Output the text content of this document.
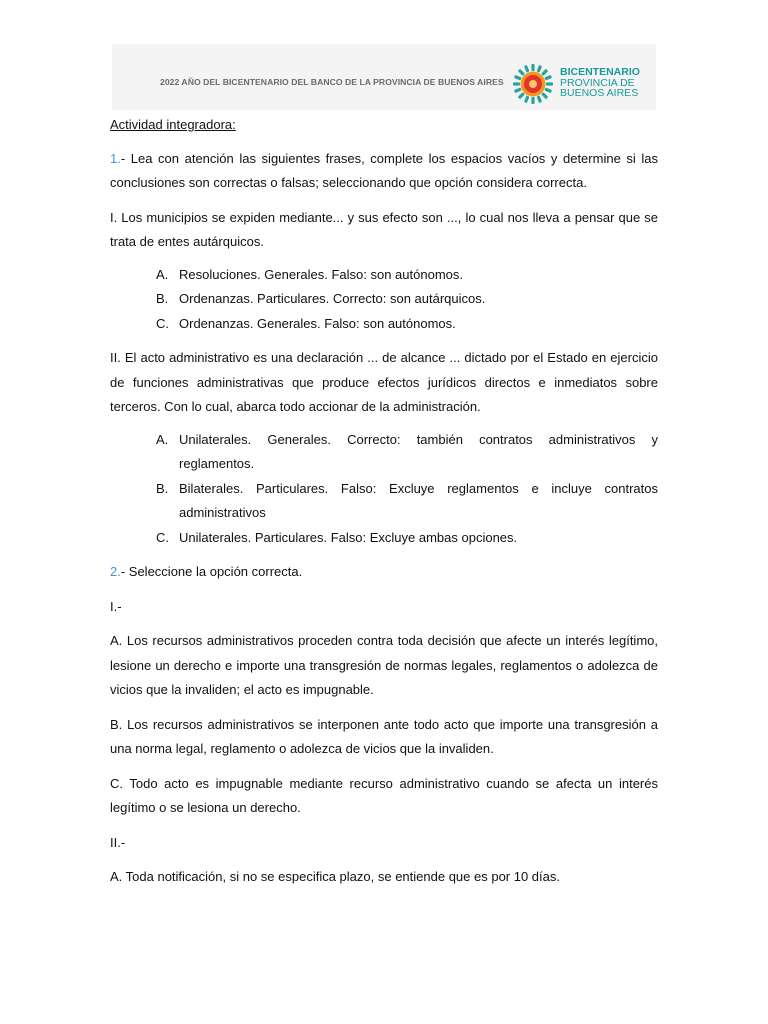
2022 AÑO DEL BICENTENARIO DEL BANCO DE LA PROVINCIA DE BUENOS AIRES
BICENTENARIO
PROVINCIA DE
BUENOS AIRES

Actividad integradora:

1.- Lea con atención las siguientes frases, complete los espacios vacíos y determine si las conclusiones son correctas o falsas; seleccionando que opción considera correcta.

I. Los municipios se expiden mediante... y sus efecto son ..., lo cual nos lleva a pensar que se trata de entes autárquicos.

A. Resoluciones. Generales. Falso: son autónomos.
B. Ordenanzas. Particulares. Correcto: son autárquicos.
C. Ordenanzas. Generales. Falso: son autónomos.

II. El acto administrativo es una declaración ... de alcance ... dictado por el Estado en ejercicio de funciones administrativas que produce efectos jurídicos directos e inmediatos sobre terceros. Con lo cual, abarca todo accionar de la administración.

A. Unilaterales. Generales. Correcto: también contratos administrativos y reglamentos.
B. Bilaterales. Particulares. Falso: Excluye reglamentos e incluye contratos administrativos
C. Unilaterales. Particulares. Falso: Excluye ambas opciones.

2.- Seleccione la opción correcta.

I.-

A. Los recursos administrativos proceden contra toda decisión que afecte un interés legítimo, lesione un derecho e importe una transgresión de normas legales, reglamentos o adolezca de vicios que la invaliden; el acto es impugnable.

B. Los recursos administrativos se interponen ante todo acto que importe una transgresión a una norma legal, reglamento o adolezca de vicios que la invaliden.

C. Todo acto es impugnable mediante recurso administrativo cuando se afecta un interés legítimo o se lesiona un derecho.

II.-

A. Toda notificación, si no se especifica plazo, se entiende que es por 10 días.
